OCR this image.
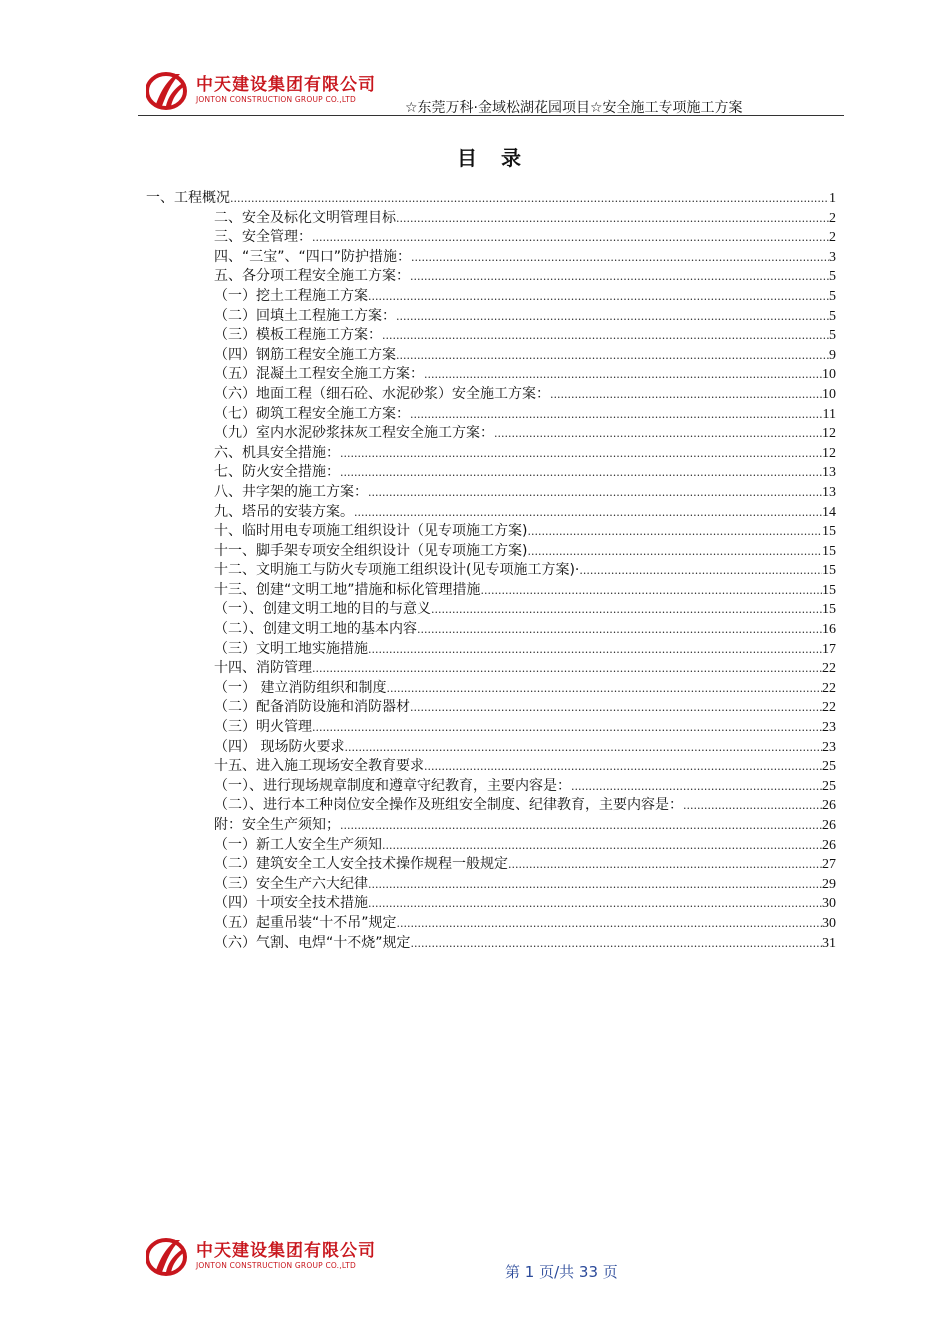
中天建设集团有限公司
JONTON CONSTRUCTION GROUP CO.,LTD
☆东莞万科·金域松湖花园项目☆安全施工专项施工方案
目　录
一、工程概况 .....	1
二、安全及标化文明管理目标 .....	2
三、安全管理： .....	2
四、“三宝”、“四口”防护措施： .....	3
五、各分项工程安全施工方案： .....	5
（一）挖土工程施工方案 .....	5
（二）回填土工程施工方案： .....	5
（三）模板工程施工方案： .....	5
（四）钢筋工程安全施工方案 .....	9
（五）混凝土工程安全施工方案： .....	10
（六）地面工程（细石砼、水泥砂浆）安全施工方案： .....	10
（七）砌筑工程安全施工方案： .....	11
（九）室内水泥砂浆抹灰工程安全施工方案： .....	12
六、机具安全措施： .....	12
七、防火安全措施： .....	13
八、井字架的施工方案： .....	13
九、塔吊的安装方案。 .....	14
十、临时用电专项施工组织设计（见专项施工方案) .....	15
十一、脚手架专项安全组织设计（见专项施工方案) .....	15
十二、文明施工与防火专项施工组织设计(见专项施工方案)· .....	15
十三、创建“文明工地”措施和标化管理措施 .....	15
（一）、创建文明工地的目的与意义 .....	15
（二）、创建文明工地的基本内容 .....	16
（三）文明工地实施措施 .....	17
十四、消防管理 .....	22
（一） 建立消防组织和制度 .....	22
（二）配备消防设施和消防器材 .....	22
（三）明火管理 .....	23
（四） 现场防火要求 .....	23
十五、进入施工现场安全教育要求 .....	25
（一）、进行现场规章制度和遵章守纪教育，主要内容是： .....	25
（二）、进行本工种岗位安全操作及班组安全制度、纪律教育，主要内容是： .....	26
附：安全生产须知； .....	26
（一）新工人安全生产须知 .....	26
（二）建筑安全工人安全技术操作规程一般规定 .....	27
（三）安全生产六大纪律 .....	29
（四）十项安全技术措施 .....	30
（五）起重吊装“十不吊”规定 .....	30
（六）气割、电焊“十不烧”规定 .....	31
中天建设集团有限公司
JONTON CONSTRUCTION GROUP CO.,LTD	第 1 页/共 33 页
